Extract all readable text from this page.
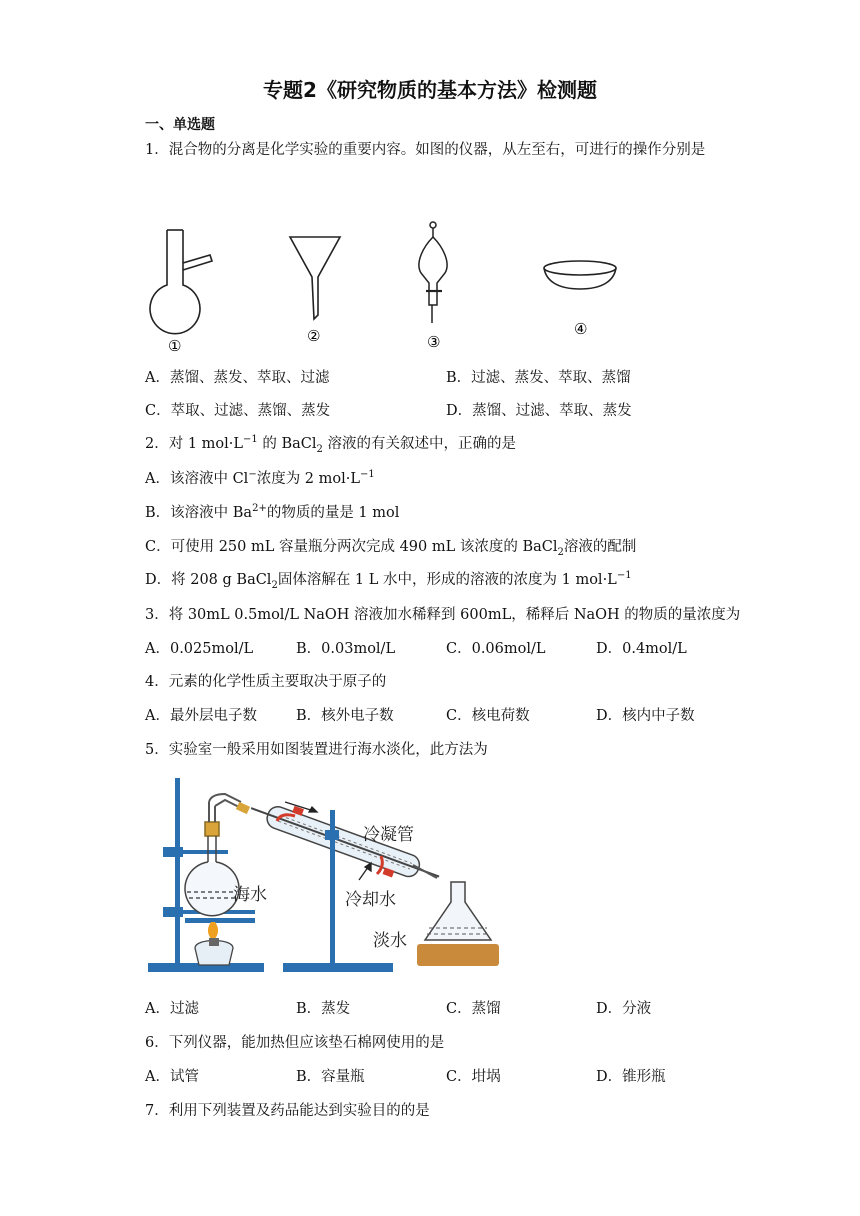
专题2《研究物质的基本方法》检测题
一、单选题
1．混合物的分离是化学实验的重要内容。如图的仪器，从左至右，可进行的操作分别是
①
②	③
④
A．蒸馏、蒸发、萃取、过滤	B．过滤、蒸发、萃取、蒸馏
C．萃取、过滤、蒸馏、蒸发	D．蒸馏、过滤、萃取、蒸发
2．对 1 $mol\cdot L^{-1}$ 的 BaCl$_2$ 溶液的有关叙述中，正确的是
A．该溶液中 Cl−浓度为 2 $mol\cdot L^{-1}$
B．该溶液中 $Ba^{2+}$的物质的量是 1 mol
C．可使用 250 mL 容量瓶分两次完成 490 mL 该浓度的 BaCl$_2$溶液的配制
D．将 208 g BaCl$_2$固体溶解在 1 L 水中，形成的溶液的浓度为 1 $mol\cdot L^{-1}$
3．将 30mL 0.5mol/L NaOH 溶液加水稀释到 600mL，稀释后 NaOH 的物质的量浓度为
A．0.025mol/L	B．0.03mol/L	C．0.06mol/L	D．0.4mol/L
4．元素的化学性质主要取决于原子的
A．最外层电子数	B．核外电子数	C．核电荷数	D．核内中子数
5．实验室一般采用如图装置进行海水淡化，此方法为
海水
冷凝管
冷却水
淡水
A．过滤	B．蒸发	C．蒸馏	D．分液
6．下列仪器，能加热但应该垫石棉网使用的是
A．试管	B．容量瓶	C．坩埚	D．锥形瓶
7．利用下列装置及药品能达到实验目的的是
